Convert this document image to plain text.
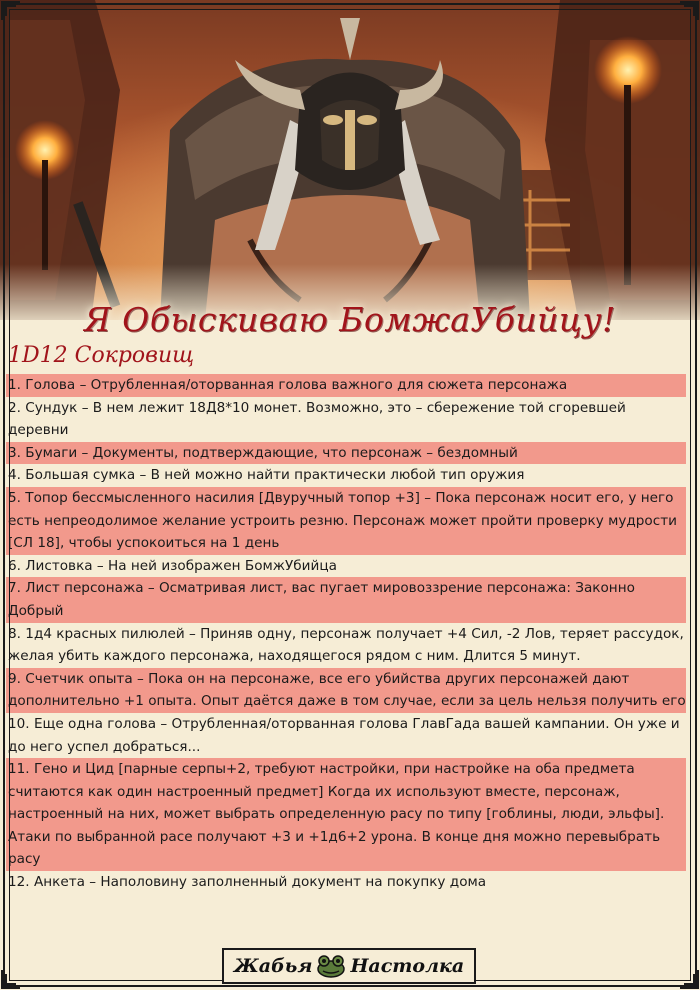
Я Обыскиваю БомжаУбийцу!
1D12 Сокровищ
1. Голова – Отрубленная/оторванная голова важного для сюжета персонажа
2. Сундук – В нем лежит 18Д8*10 монет. Возможно, это – сбережение той сгоревшей деревни
3. Бумаги – Документы, подтверждающие, что персонаж – бездомный
4. Большая сумка – В ней можно найти практически любой тип оружия
5. Топор бессмысленного насилия [Двуручный топор +3] – Пока персонаж носит его, у него есть непреодолимое желание устроить резню. Персонаж может пройти проверку мудрости [СЛ 18], чтобы успокоиться на 1 день
6. Листовка – На ней изображен БомжУбийца
7. Лист персонажа – Осматривая лист, вас пугает мировоззрение персонажа: Законно Добрый
8. 1д4 красных пилюлей – Приняв одну, персонаж получает +4 Сил, -2 Лов, теряет рассудок, желая убить каждого персонажа, находящегося рядом с ним. Длится 5 минут.
9. Счетчик опыта – Пока он на персонаже, все его убийства других персонажей дают дополнительно +1 опыта. Опыт даётся даже в том случае, если за цель нельзя получить его
10. Еще одна голова – Отрубленная/оторванная голова ГлавГада вашей кампании. Он уже и до него успел добраться...
11. Гено и Цид [парные серпы+2, требуют настройки, при настройке на оба предмета считаются как один настроенный предмет] Когда их используют вместе, персонаж, настроенный на них, может выбрать определенную расу по типу [гоблины, люди, эльфы]. Атаки по выбранной расе получают +3 и +1д6+2 урона. В конце дня можно перевыбрать расу
12. Анкета – Наполовину заполненный документ на покупку дома
Жабья Настолка
